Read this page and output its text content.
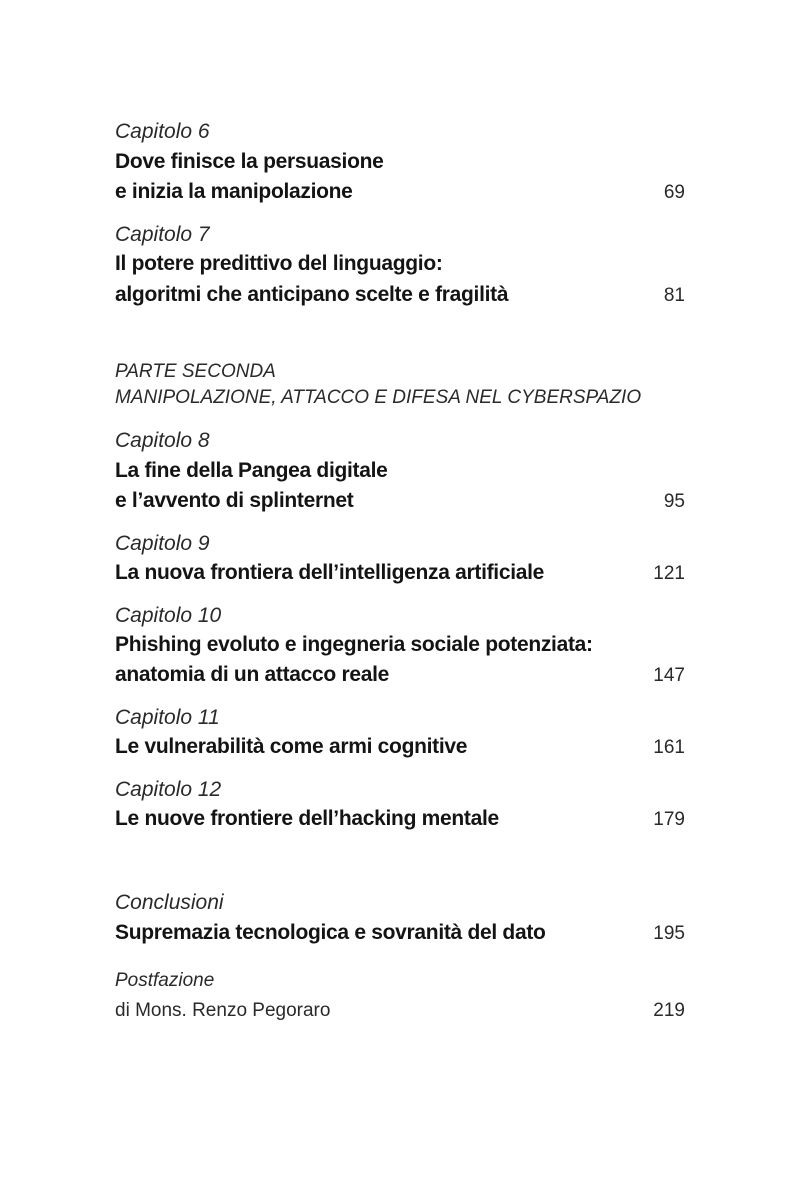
Capitolo 6
Dove finisce la persuasione
e inizia la manipolazione	69
Capitolo 7
Il potere predittivo del linguaggio:
algoritmi che anticipano scelte e fragilità	81
PARTE SECONDA
MANIPOLAZIONE, ATTACCO E DIFESA NEL CYBERSPAZIO
Capitolo 8
La fine della Pangea digitale
e l’avvento di splinternet	95
Capitolo 9
La nuova frontiera dell’intelligenza artificiale	121
Capitolo 10
Phishing evoluto e ingegneria sociale potenziata:
anatomia di un attacco reale	147
Capitolo 11
Le vulnerabilità come armi cognitive	161
Capitolo 12
Le nuove frontiere dell’hacking mentale	179
Conclusioni
Supremazia tecnologica e sovranità del dato	195
Postfazione
di Mons. Renzo Pegoraro	219
